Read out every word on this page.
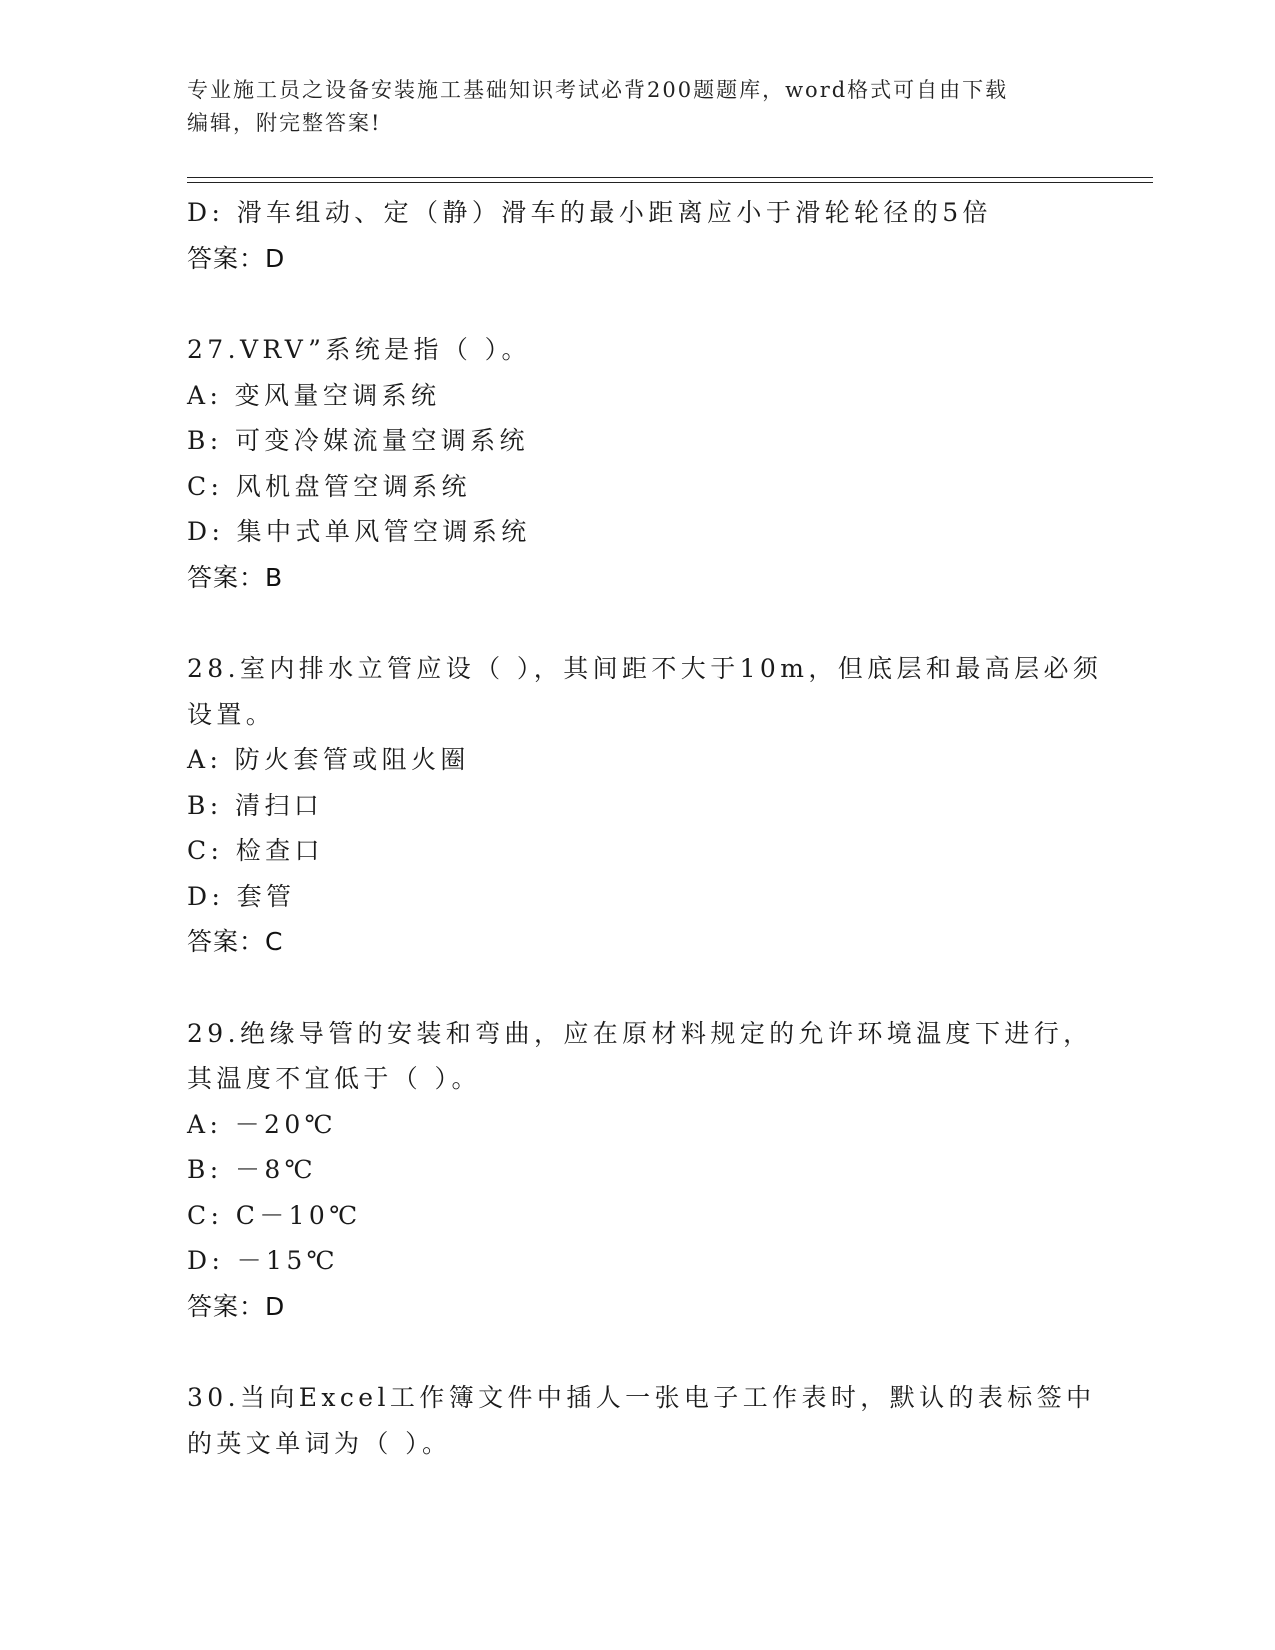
专业施工员之设备安装施工基础知识考试必背200题题库，word格式可自由下载
编辑，附完整答案!
D: 滑车组动、定（静）滑车的最小距离应小于滑轮轮径的5倍
答案：D
27.VRV”系统是指（ ）。
A: 变风量空调系统
B: 可变冷媒流量空调系统
C: 风机盘管空调系统
D: 集中式单风管空调系统
答案：B
28.室内排水立管应设（ ），其间距不大于10m，但底层和最高层必须
设置。
A: 防火套管或阻火圈
B: 清扫口
C: 检查口
D: 套管
答案：C
29.绝缘导管的安装和弯曲，应在原材料规定的允许环境温度下进行，
其温度不宜低于（ ）。
A: －20℃
B: －8℃
C: C－10℃
D: －15℃
答案：D
30.当向Excel工作簿文件中插人一张电子工作表时，默认的表标签中
的英文单词为（ ）。
